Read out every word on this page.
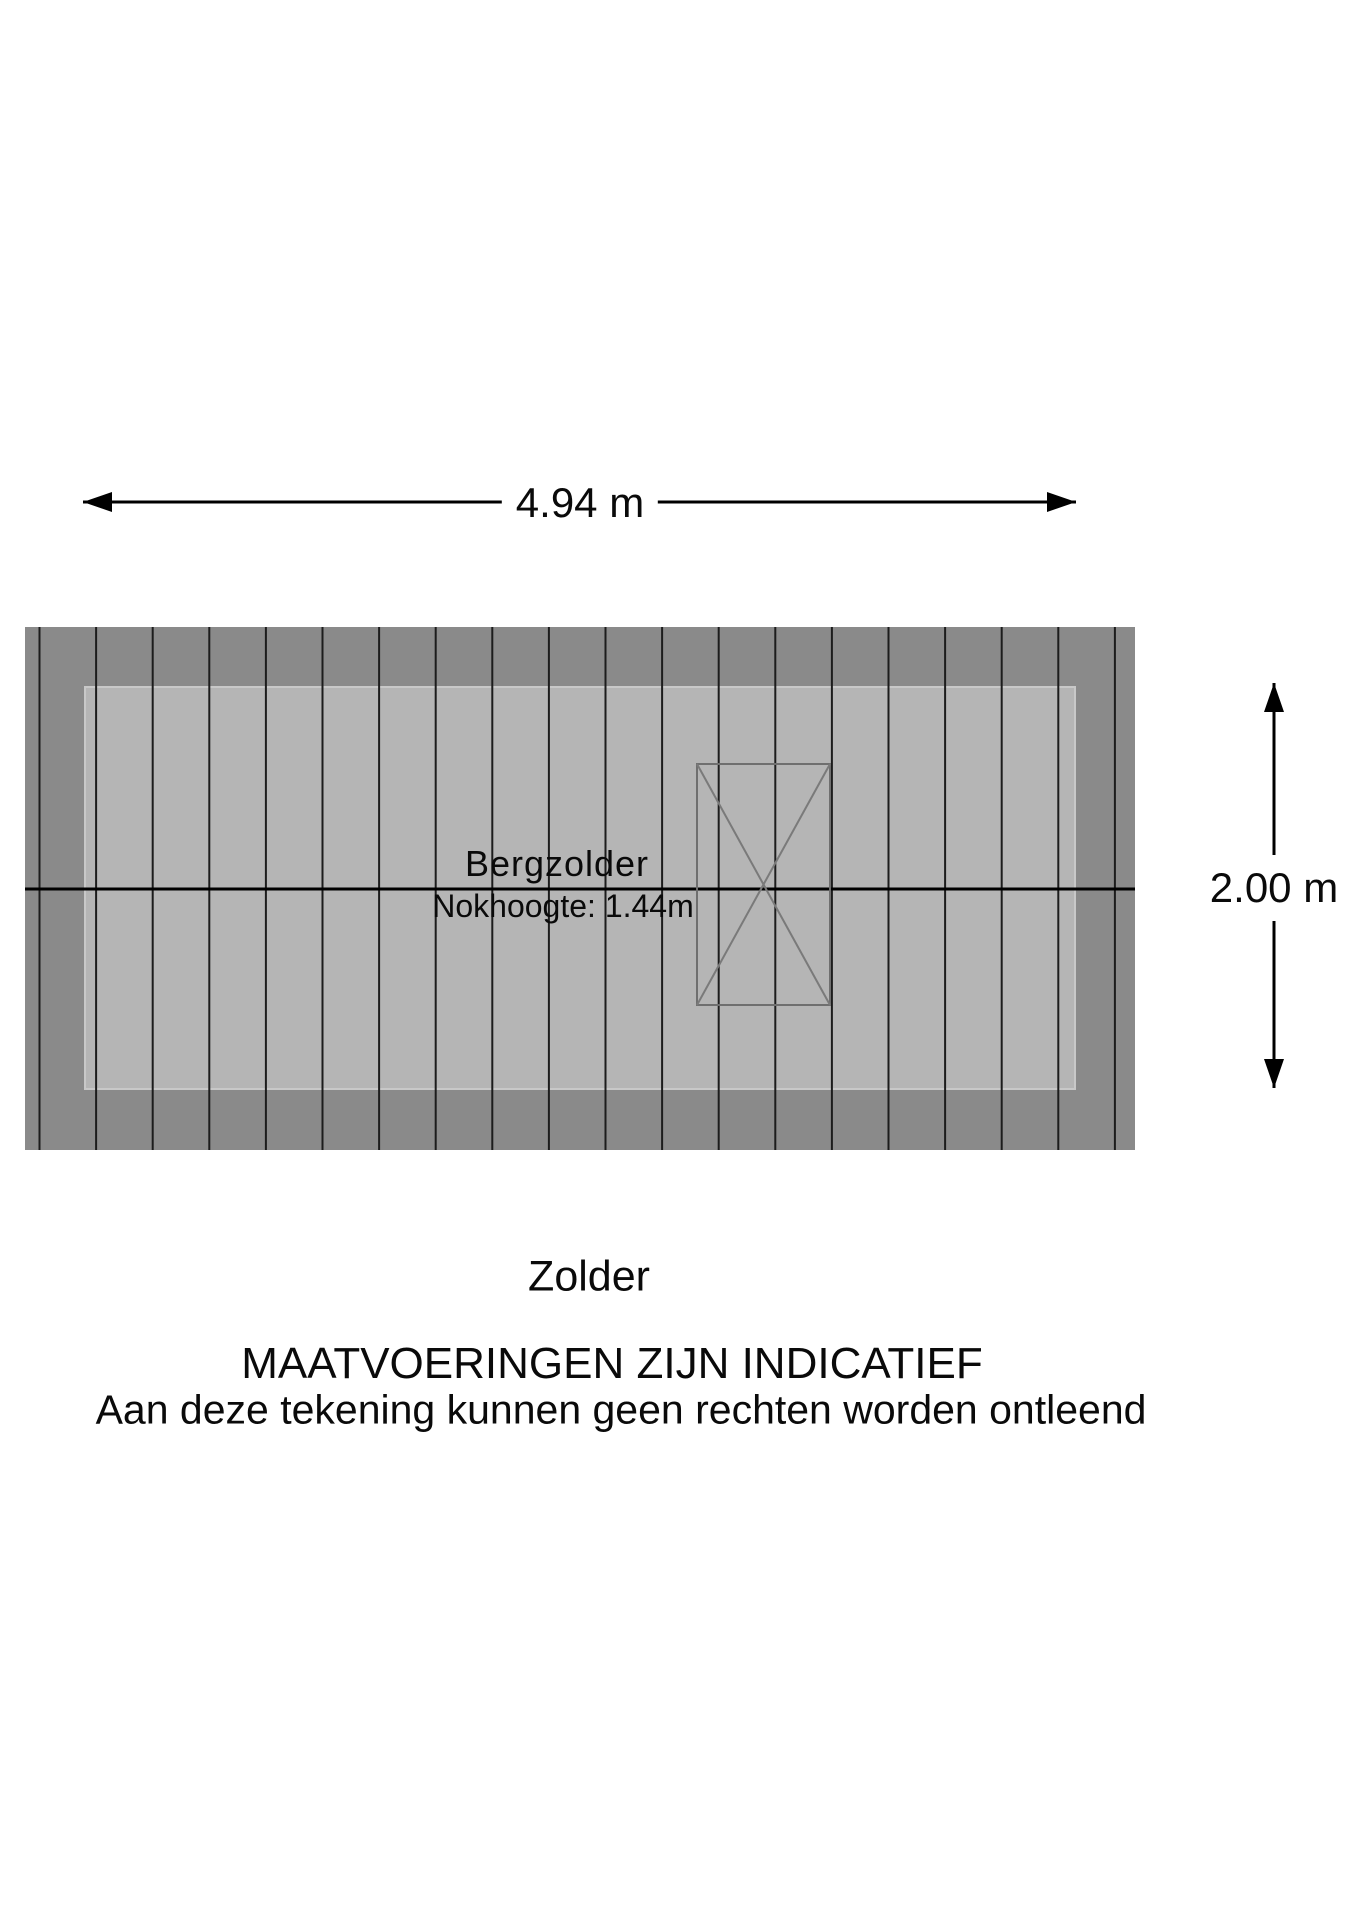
4.94 m
2.00 m
Bergzolder
Nokhoogte: 1.44m
Zolder
MAATVOERINGEN ZIJN INDICATIEF
Aan deze tekening kunnen geen rechten worden ontleend
